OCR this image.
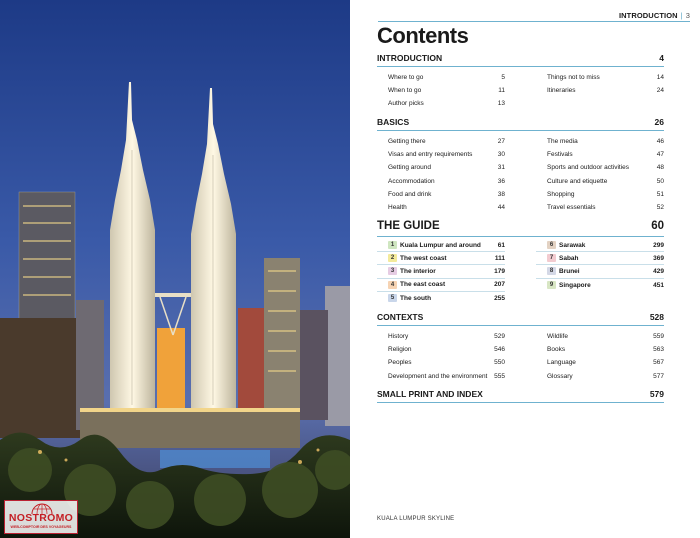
NOSTROMO
WEB-COMPTOIR DES VOYAGEURS
INTRODUCTION | 3
Contents
INTRODUCTION	4
Where to go	5
When to go	11
Author picks	13
Things not to miss	14
Itineraries	24
BASICS	26
Getting there	27
Visas and entry requirements	30
Getting around	31
Accommodation	36
Food and drink	38
Health	44
The media	46
Festivals	47
Sports and outdoor activities	48
Culture and etiquette	50
Shopping	51
Travel essentials	52
THE GUIDE	60
1 Kuala Lumpur and around	61
2 The west coast	111
3 The interior	179
4 The east coast	207
5 The south	255
6 Sarawak	299
7 Sabah	369
8 Brunei	429
9 Singapore	451
CONTEXTS	528
History	529
Religion	546
Peoples	550
Development and the environment 555
Wildlife	559
Books	563
Language	567
Glossary	577
SMALL PRINT AND INDEX	579
KUALA LUMPUR SKYLINE
